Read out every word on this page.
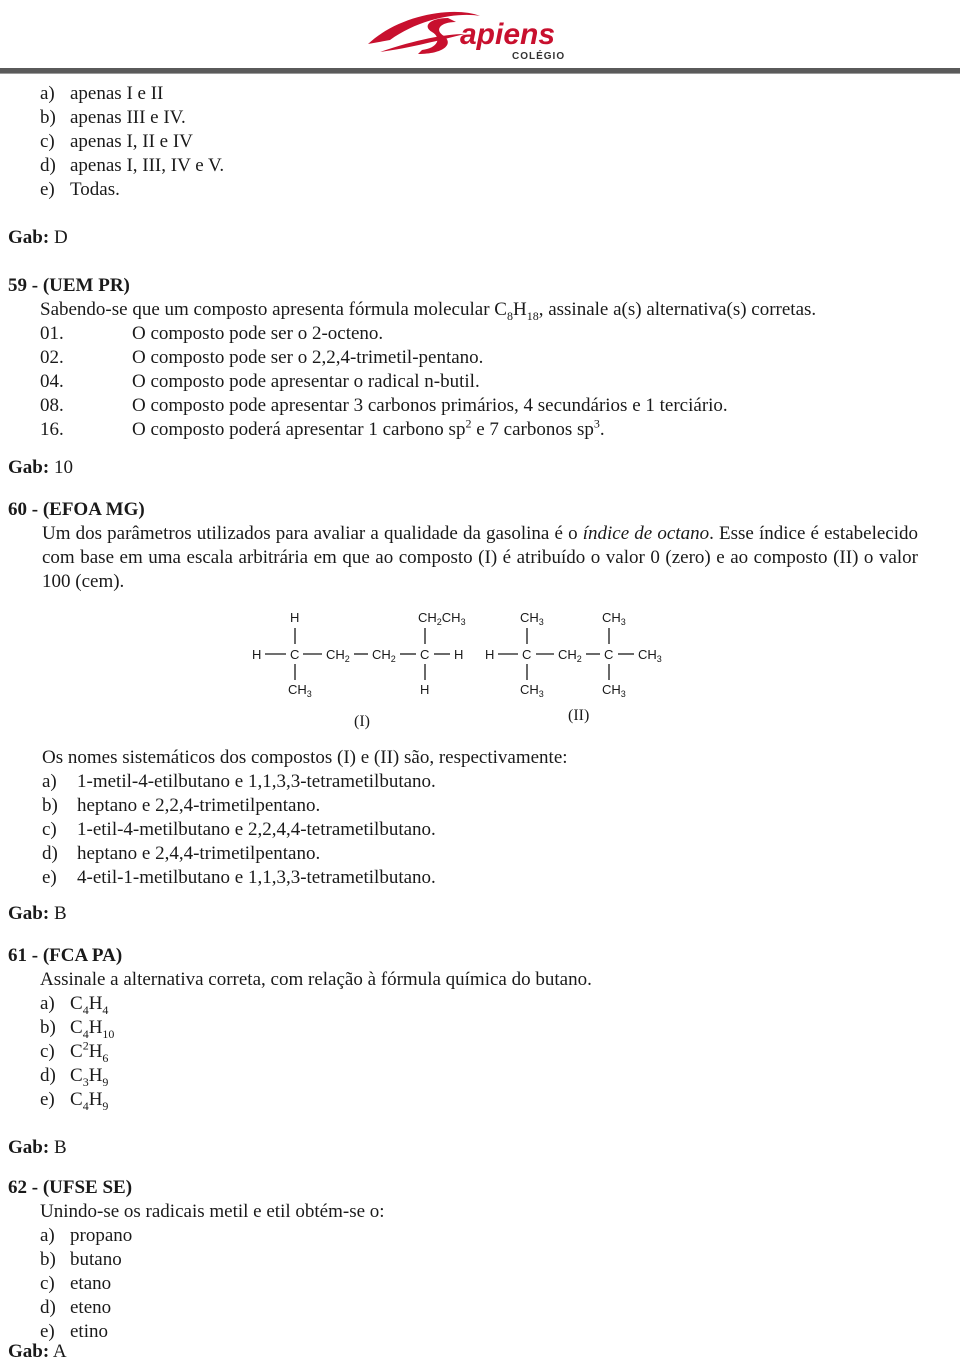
apiens
COLÉGIO
a) apenas I e II
b) apenas III e IV.
c) apenas I, II e IV
d) apenas I, III, IV e V.
e) Todas.
Gab: D
59 - (UEM PR)
Sabendo-se que um composto apresenta fórmula molecular $C_8H_{18}$, assinale a(s) alternativa(s) corretas.
01.	O composto pode ser o 2-octeno.
02.	O composto pode ser o 2,2,4-trimetil-pentano.
04.	O composto pode apresentar o radical n-butil.
08.	O composto pode apresentar 3 carbonos primários, 4 secundários e 1 terciário.
16.	O composto poderá apresentar 1 carbono $sp^2$ e 7 carbonos $sp^3$.
Gab: 10
60 - (EFOA MG)
Um dos parâmetros utilizados para avaliar a qualidade da gasolina é o índice de octano. Esse índice é estabelecido com base em uma escala arbitrária em que ao composto (I) é atribuído o valor 0 (zero) e ao composto (II) o valor 100 (cem).
H
H C $CH_2$ $CH_2$ C H
$CH_3$
$CH_2CH_3$
H
(I)
H C $CH_2$ C $CH_3$
$CH_3$
$CH_3$
$CH_3$
$CH_3$
(II)
Os nomes sistemáticos dos compostos (I) e (II) são, respectivamente:
a) 1-metil-4-etilbutano e 1,1,3,3-tetrametilbutano.
b) heptano e 2,2,4-trimetilpentano.
c) 1-etil-4-metilbutano e 2,2,4,4-tetrametilbutano.
d) heptano e 2,4,4-trimetilpentano.
e) 4-etil-1-metilbutano e 1,1,3,3-tetrametilbutano.
Gab: B
61 - (FCA PA)
Assinale a alternativa correta, com relação à fórmula química do butano.
a) $C_4H_4$
b) $C_4H_{10}$
c) $C^2H_6$
d) $C_3H_9$
e) $C_4H_9$
Gab: B
62 - (UFSE SE)
Unindo-se os radicais metil e etil obtém-se o:
a) propano
b) butano
c) etano
d) eteno
e) etino
Gab: A
